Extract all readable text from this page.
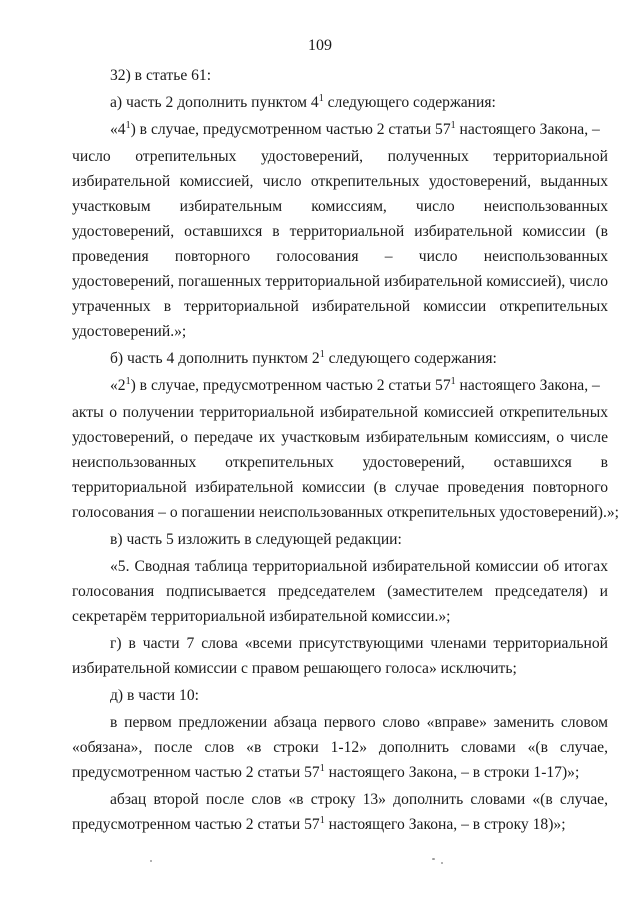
109
32) в статье 61:
а) часть 2 дополнить пунктом $4^1$ следующего содержания:
«$4^1$) в случае, предусмотренном частью 2 статьи $57^1$ настоящего Закона, –
число отрепительных удостоверений, полученных территориальной
избирательной комиссией, число открепительных удостоверений, выданных
участковым избирательным комиссиям, число неиспользованных
удостоверений, оставшихся в территориальной избирательной комиссии (в
проведения повторного голосования – число неиспользованных
удостоверений, погашенных территориальной избирательной комиссией), число
утраченных в территориальной избирательной комиссии открепительных
удостоверений.»;
б) часть 4 дополнить пунктом $2^1$ следующего содержания:
«$2^1$) в случае, предусмотренном частью 2 статьи $57^1$ настоящего Закона, –
акты о получении территориальной избирательной комиссией открепительных
удостоверений, о передаче их участковым избирательным комиссиям, о числе
неиспользованных открепительных удостоверений, оставшихся в
территориальной избирательной комиссии (в случае проведения повторного
голосования – о погашении неиспользованных открепительных удостоверений).»;
в) часть 5 изложить в следующей редакции:
«5. Сводная таблица территориальной избирательной комиссии об итогах
голосования подписывается председателем (заместителем председателя) и
секретарём территориальной избирательной комиссии.»;
г) в части 7 слова «всеми присутствующими членами территориальной
избирательной комиссии с правом решающего голоса» исключить;
д) в части 10:
в первом предложении абзаца первого слово «вправе» заменить словом
«обязана», после слов «в строки 1-12» дополнить словами «(в случае,
предусмотренном частью 2 статьи $57^1$ настоящего Закона, – в строки 1-17)»;
абзац второй после слов «в строку 13» дополнить словами «(в случае,
предусмотренном частью 2 статьи $57^1$ настоящего Закона, – в строку 18)»;
